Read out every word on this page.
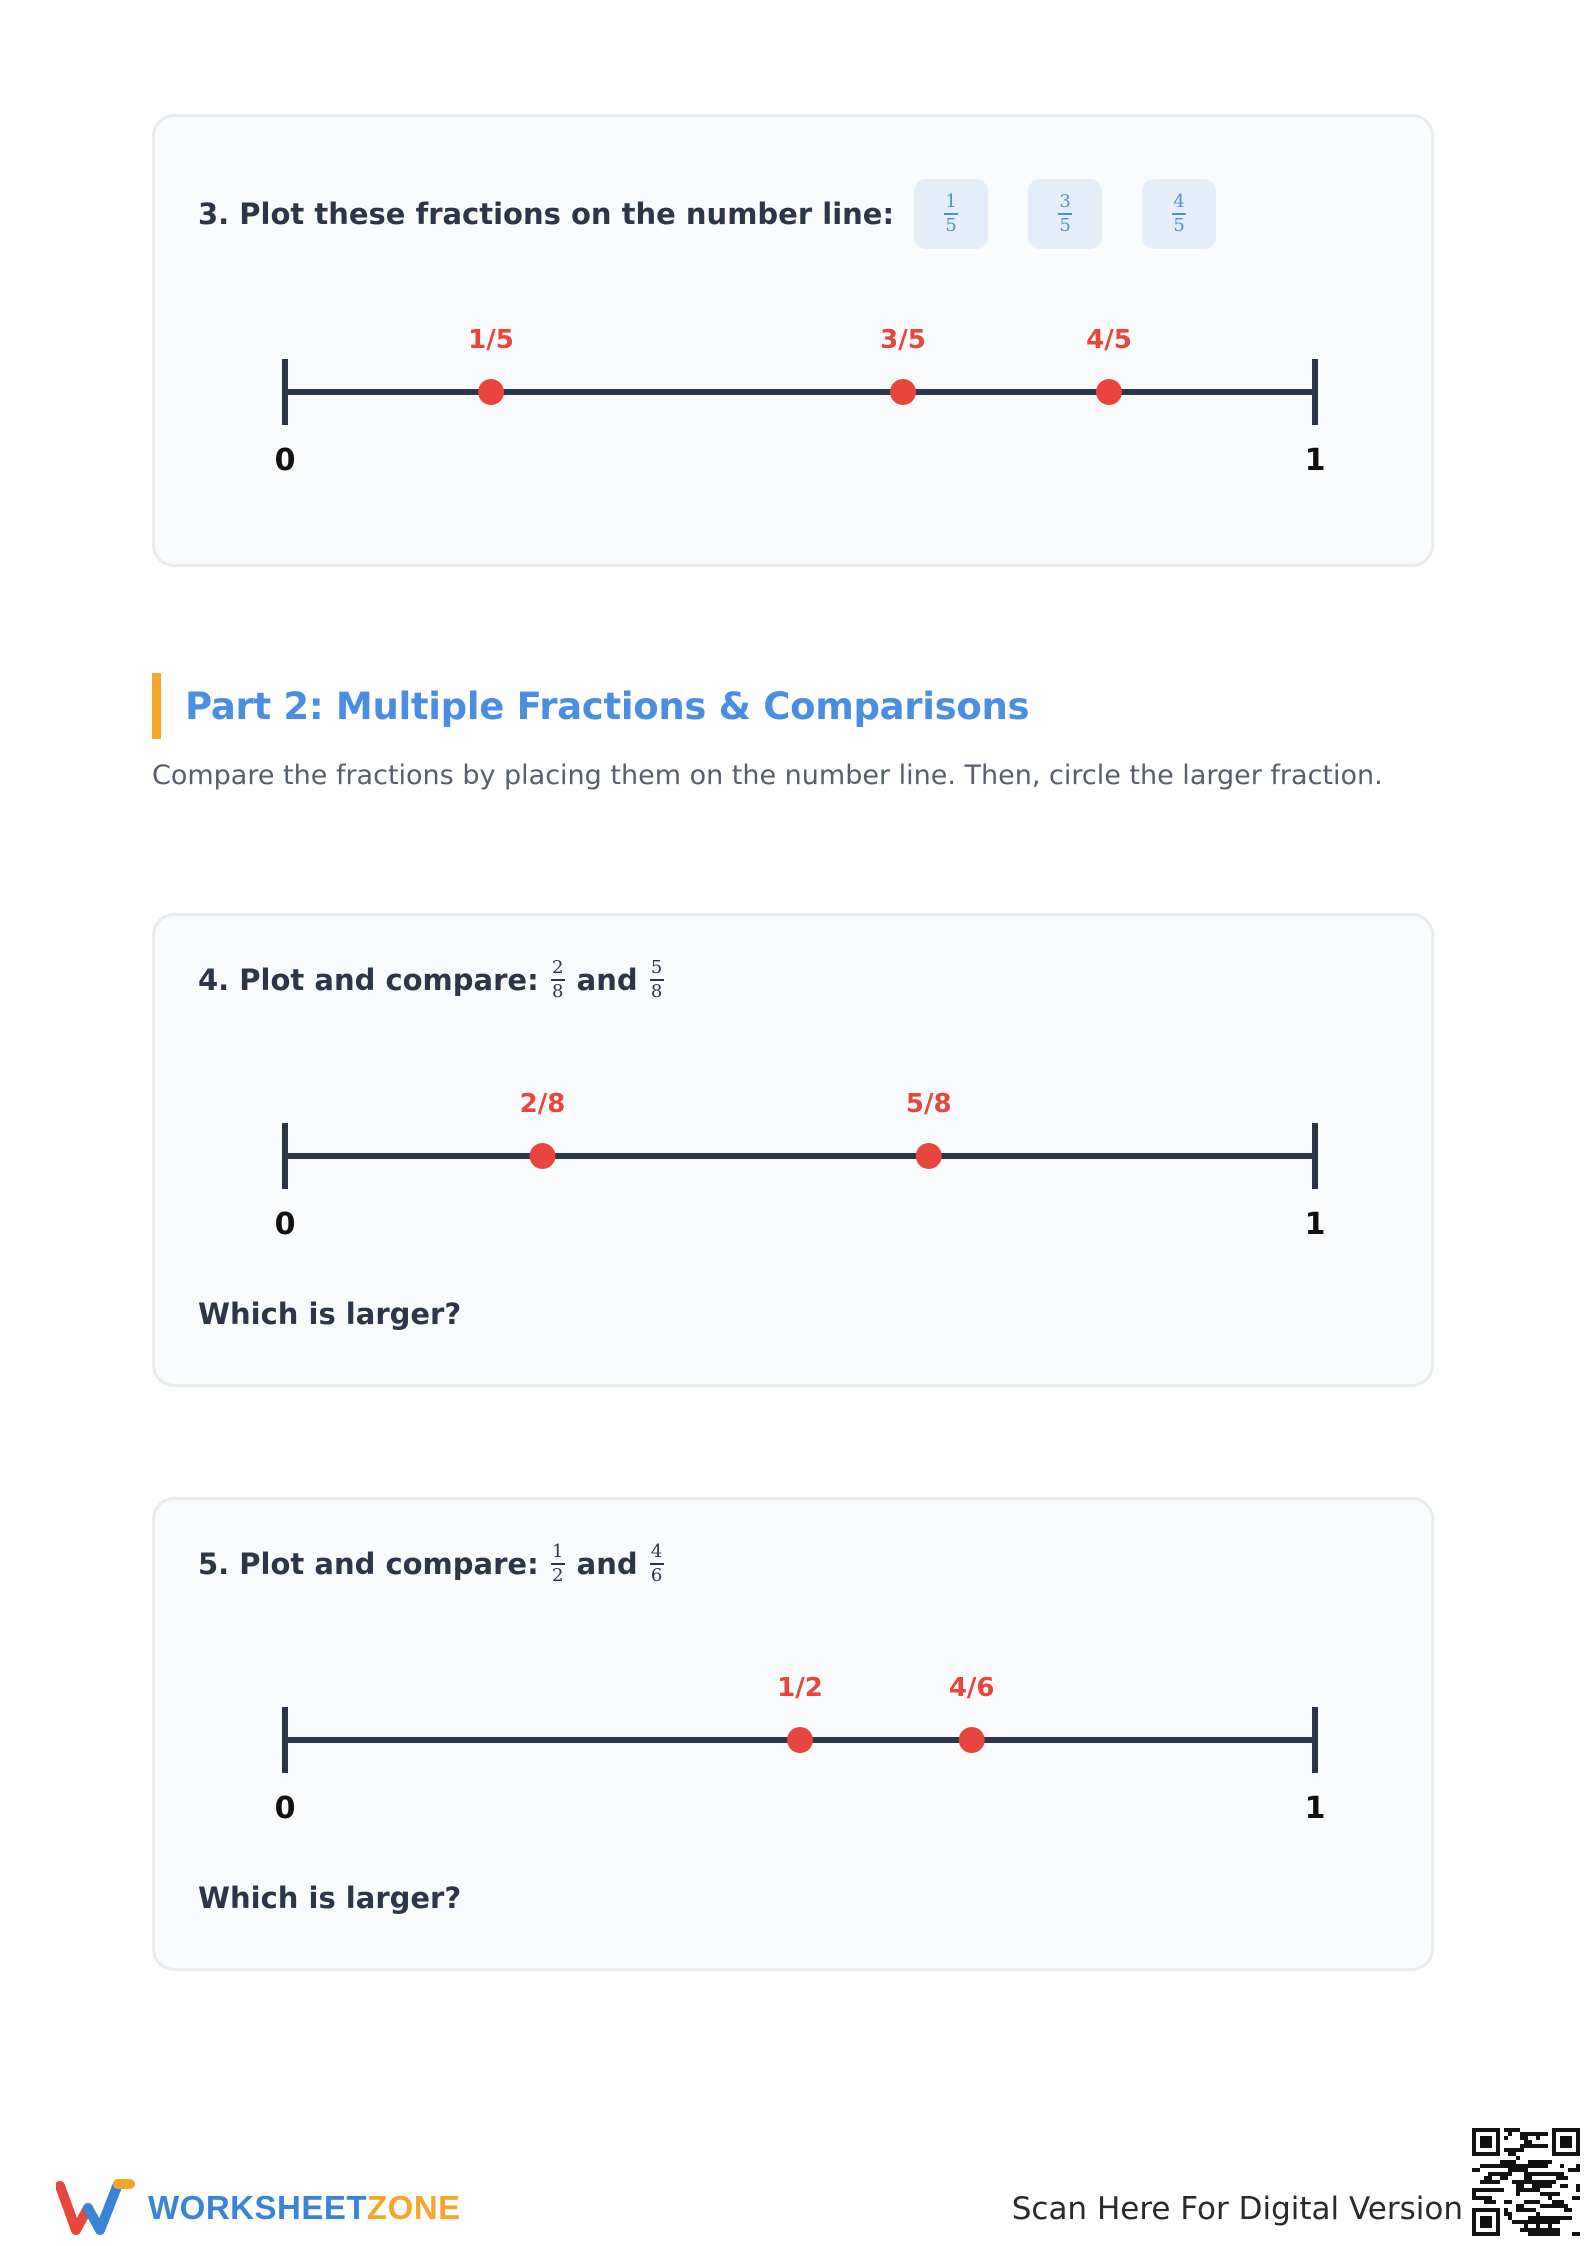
3. Plot these fractions on the number line:	$\frac{1}{5}$	$\frac{3}{5}$	$\frac{4}{5}$
0	1
1/5	3/5	4/5
Part 2: Multiple Fractions & Comparisons
Compare the fractions by placing them on the number line. Then, circle the larger fraction.
4. Plot and compare: $\frac{2}{8}$ and $\frac{5}{8}$
0	1
2/8	5/8
Which is larger?
5. Plot and compare: $\frac{1}{2}$ and $\frac{4}{6}$
0	1
1/2	4/6
Which is larger?
WORKSHEETZONE	Scan Here For Digital Version
